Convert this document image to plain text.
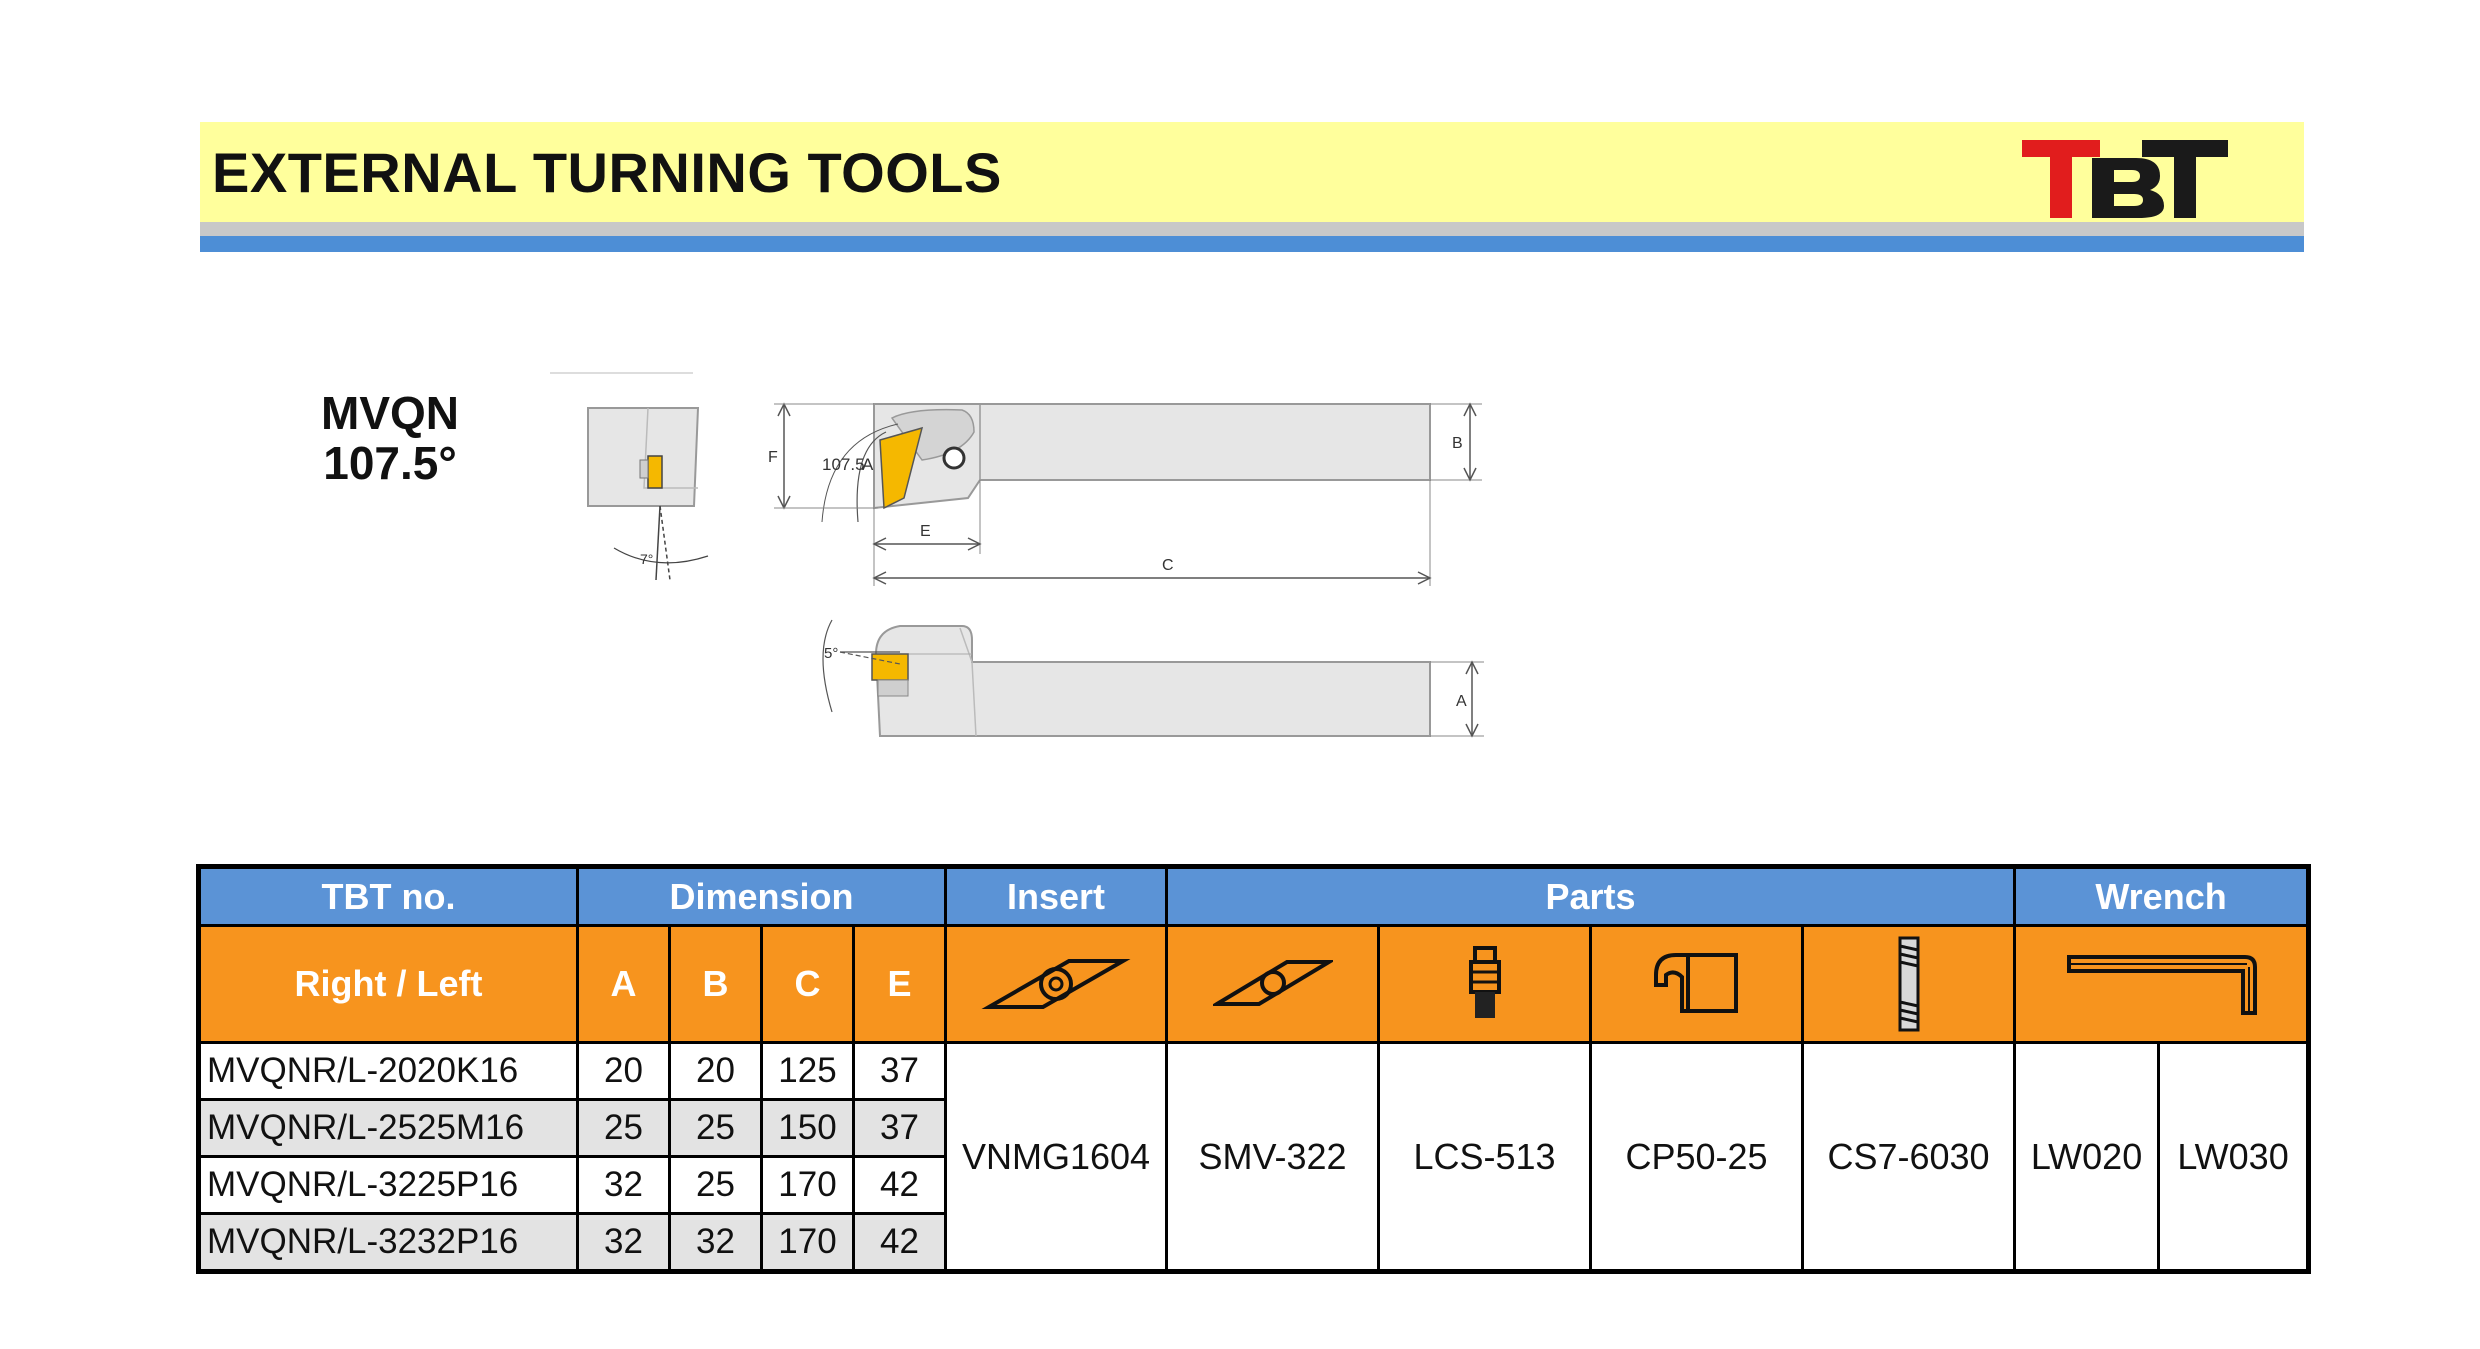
EXTERNAL TURNING TOOLS
MVQN
107.5°
7°
107.5
A
F
B
E
C
5°
A
TBT no.	Dimension				Insert	Parts				Wrench	
Right / Left	A	B	C	E	

MVQNR/L-2020K16	20	20	125	37	VNMG1604	SMV-322	LCS-513	CP50-25	CS7-6030	LW020	LW030
MVQNR/L-2525M16	25	25	150	37							
MVQNR/L-3225P16	32	25	170	42							
MVQNR/L-3232P16	32	32	170	42							
